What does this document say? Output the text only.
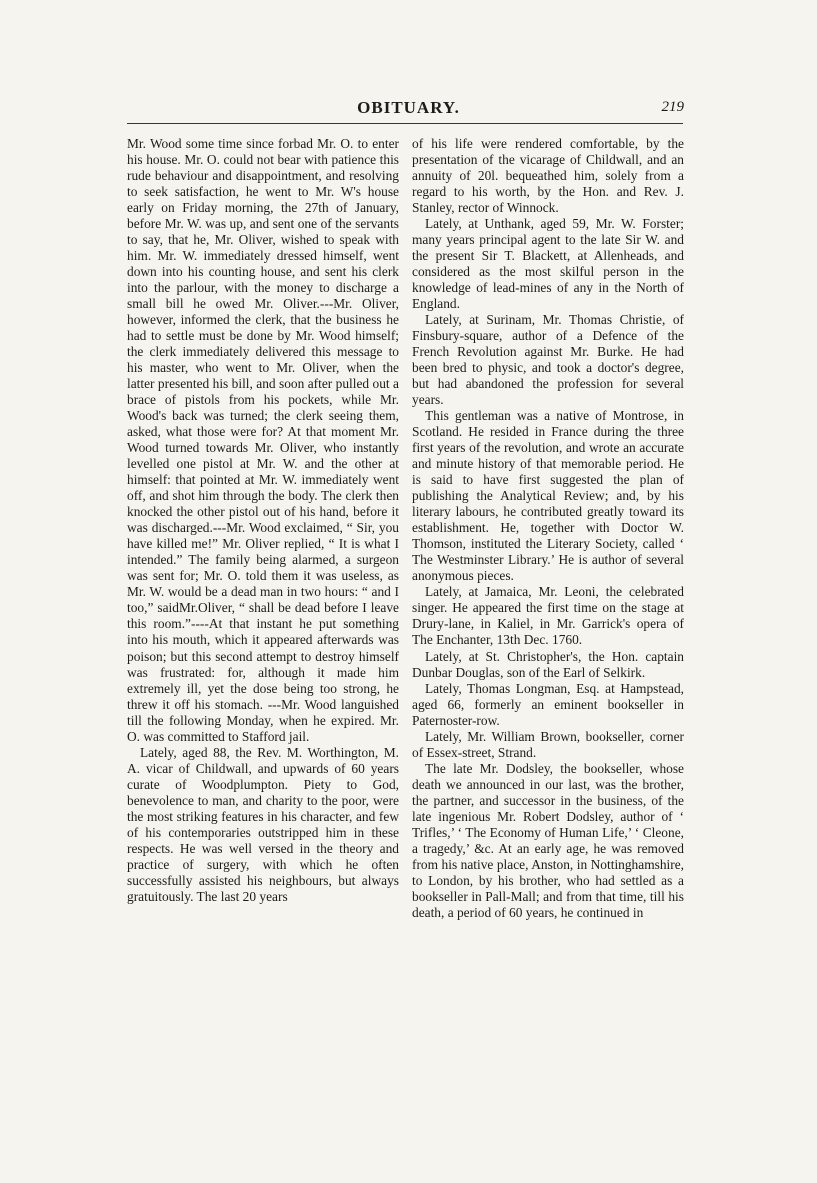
OBITUARY.	219

Mr. Wood some time since forbad Mr. O. to enter his house. Mr. O. could not bear with patience this rude behaviour and disappointment, and resolving to seek satisfaction, he went to Mr. W's house early on Friday morning, the 27th of January, before Mr. W. was up, and sent one of the servants to say, that he, Mr. Oliver, wished to speak with him. Mr. W. immediately dressed himself, went down into his counting house, and sent his clerk into the parlour, with the money to discharge a small bill he owed Mr. Oliver.---Mr. Oliver, however, informed the clerk, that the business he had to settle must be done by Mr. Wood himself; the clerk immediately delivered this message to his master, who went to Mr. Oliver, when the latter presented his bill, and soon after pulled out a brace of pistols from his pockets, while Mr. Wood's back was turned; the clerk seeing them, asked, what those were for? At that moment Mr. Wood turned towards Mr. Oliver, who instantly levelled one pistol at Mr. W. and the other at himself: that pointed at Mr. W. immediately went off, and shot him through the body. The clerk then knocked the other pistol out of his hand, before it was discharged.---Mr. Wood exclaimed, “ Sir, you have killed me!” Mr. Oliver replied, “ It is what I intended.” The family being alarmed, a surgeon was sent for; Mr. O. told them it was useless, as Mr. W. would be a dead man in two hours: “ and I too,” saidMr.Oliver, “ shall be dead before I leave this room.”----At that instant he put something into his mouth, which it appeared afterwards was poison; but this second attempt to destroy himself was frustrated: for, although it made him extremely ill, yet the dose being too strong, he threw it off his stomach. ---Mr. Wood languished till the following Monday, when he expired. Mr. O. was committed to Stafford jail.

Lately, aged 88, the Rev. M. Worthington, M. A. vicar of Childwall, and upwards of 60 years curate of Woodplumpton. Piety to God, benevolence to man, and charity to the poor, were the most striking features in his character, and few of his contemporaries outstripped him in these respects. He was well versed in the theory and practice of surgery, with which he often successfully assisted his neighbours, but always gratuitously. The last 20 years

of his life were rendered comfortable, by the presentation of the vicarage of Childwall, and an annuity of 20l. bequeathed him, solely from a regard to his worth, by the Hon. and Rev. J. Stanley, rector of Winnock.

Lately, at Unthank, aged 59, Mr. W. Forster; many years principal agent to the late Sir W. and the present Sir T. Blackett, at Allenheads, and considered as the most skilful person in the knowledge of lead-mines of any in the North of England.

Lately, at Surinam, Mr. Thomas Christie, of Finsbury-square, author of a Defence of the French Revolution against Mr. Burke. He had been bred to physic, and took a doctor's degree, but had abandoned the profession for several years.

This gentleman was a native of Montrose, in Scotland. He resided in France during the three first years of the revolution, and wrote an accurate and minute history of that memorable period. He is said to have first suggested the plan of publishing the Analytical Review; and, by his literary labours, he contributed greatly toward its establishment. He, together with Doctor W. Thomson, instituted the Literary Society, called ‘ The Westminster Library.’ He is author of several anonymous pieces.

Lately, at Jamaica, Mr. Leoni, the celebrated singer. He appeared the first time on the stage at Drury-lane, in Kaliel, in Mr. Garrick's opera of The Enchanter, 13th Dec. 1760.

Lately, at St. Christopher's, the Hon. captain Dunbar Douglas, son of the Earl of Selkirk.

Lately, Thomas Longman, Esq. at Hampstead, aged 66, formerly an eminent bookseller in Paternoster-row.

Lately, Mr. William Brown, bookseller, corner of Essex-street, Strand.

The late Mr. Dodsley, the bookseller, whose death we announced in our last, was the brother, the partner, and successor in the business, of the late ingenious Mr. Robert Dodsley, author of ‘ Trifles,’ ‘ The Economy of Human Life,’ ‘ Cleone, a tragedy,’ &c. At an early age, he was removed from his native place, Anston, in Nottinghamshire, to London, by his brother, who had settled as a bookseller in Pall-Mall; and from that time, till his death, a period of 60 years, he continued in
